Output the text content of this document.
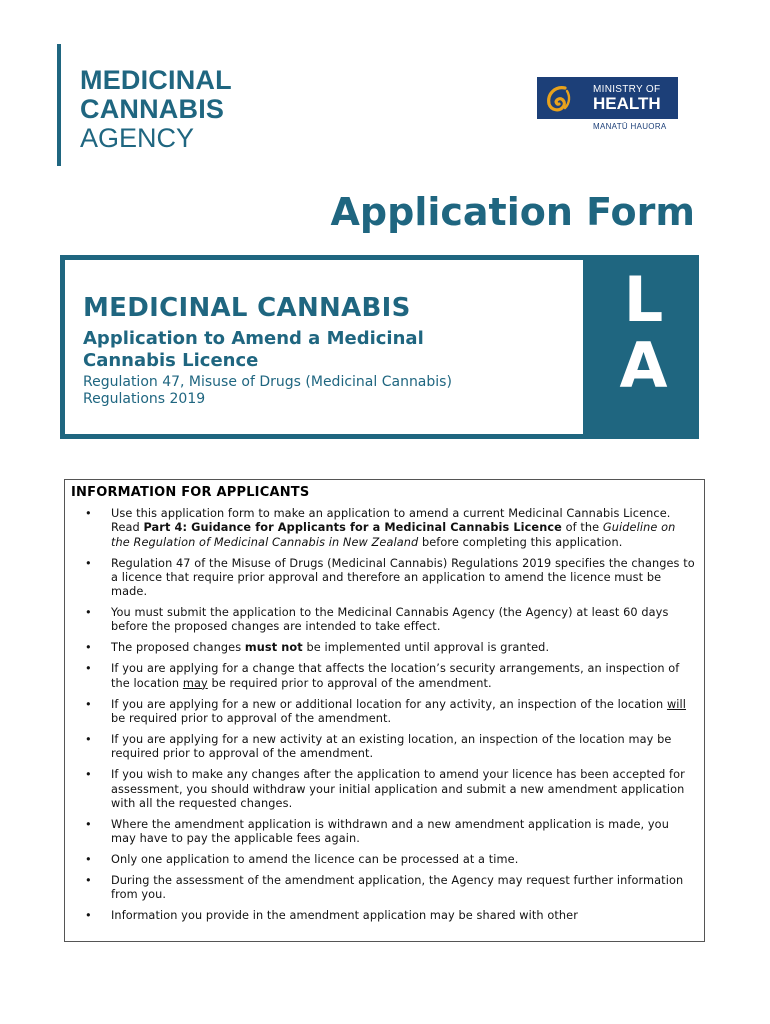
MEDICINAL
CANNABIS
AGENCY
MINISTRY OF
HEALTH
MANATŪ HAUORA
Application Form
MEDICINAL CANNABIS
Application to Amend a Medicinal Cannabis Licence
Regulation 47, Misuse of Drugs (Medicinal Cannabis) Regulations 2019
L
A
INFORMATION FOR APPLICANTS
• Use this application form to make an application to amend a current Medicinal Cannabis Licence. Read Part 4: Guidance for Applicants for a Medicinal Cannabis Licence of the Guideline on the Regulation of Medicinal Cannabis in New Zealand before completing this application.
• Regulation 47 of the Misuse of Drugs (Medicinal Cannabis) Regulations 2019 specifies the changes to a licence that require prior approval and therefore an application to amend the licence must be made.
• You must submit the application to the Medicinal Cannabis Agency (the Agency) at least 60 days before the proposed changes are intended to take effect.
• The proposed changes must not be implemented until approval is granted.
• If you are applying for a change that affects the location’s security arrangements, an inspection of the location may be required prior to approval of the amendment.
• If you are applying for a new or additional location for any activity, an inspection of the location will be required prior to approval of the amendment.
• If you are applying for a new activity at an existing location, an inspection of the location may be required prior to approval of the amendment.
• If you wish to make any changes after the application to amend your licence has been accepted for assessment, you should withdraw your initial application and submit a new amendment application with all the requested changes.
• Where the amendment application is withdrawn and a new amendment application is made, you may have to pay the applicable fees again.
• Only one application to amend the licence can be processed at a time.
• During the assessment of the amendment application, the Agency may request further information from you.
• Information you provide in the amendment application may be shared with other
